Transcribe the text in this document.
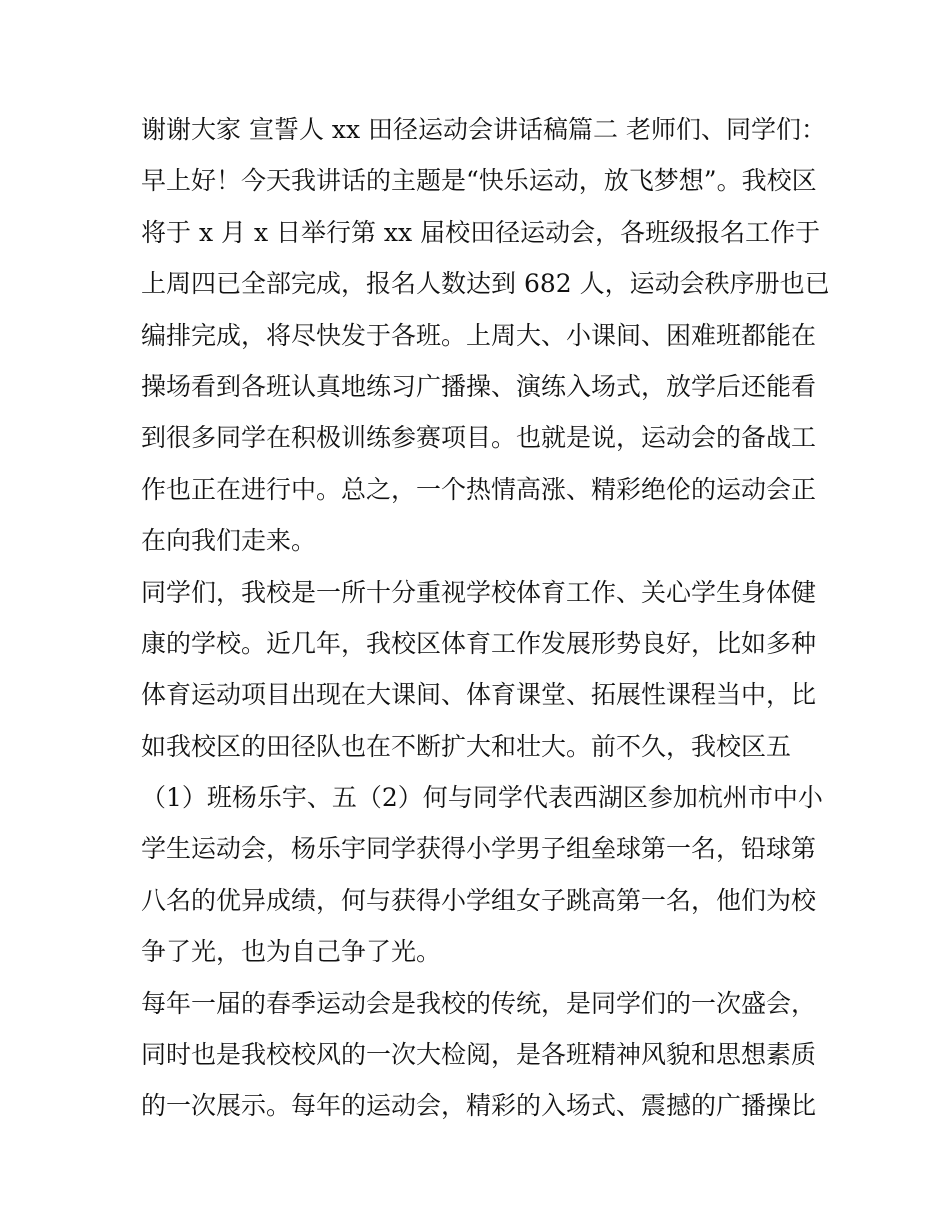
谢谢大家 宣誓人 xx 田径运动会讲话稿篇二 老师们、同学们：
早上好！今天我讲话的主题是“快乐运动，放飞梦想”。我校区
将于 x 月 x 日举行第 xx 届校田径运动会，各班级报名工作于
上周四已全部完成，报名人数达到 682 人，运动会秩序册也已
编排完成，将尽快发于各班。上周大、小课间、困难班都能在
操场看到各班认真地练习广播操、演练入场式，放学后还能看
到很多同学在积极训练参赛项目。也就是说，运动会的备战工
作也正在进行中。总之，一个热情高涨、精彩绝伦的运动会正
在向我们走来。
同学们，我校是一所十分重视学校体育工作、关心学生身体健
康的学校。近几年，我校区体育工作发展形势良好，比如多种
体育运动项目出现在大课间、体育课堂、拓展性课程当中，比
如我校区的田径队也在不断扩大和壮大。前不久，我校区五
（1）班杨乐宇、五（2）何与同学代表西湖区参加杭州市中小
学生运动会，杨乐宇同学获得小学男子组垒球第一名，铅球第
八名的优异成绩，何与获得小学组女子跳高第一名，他们为校
争了光，也为自己争了光。
每年一届的春季运动会是我校的传统，是同学们的一次盛会，
同时也是我校校风的一次大检阅，是各班精神风貌和思想素质
的一次展示。每年的运动会，精彩的入场式、震撼的广播操比
